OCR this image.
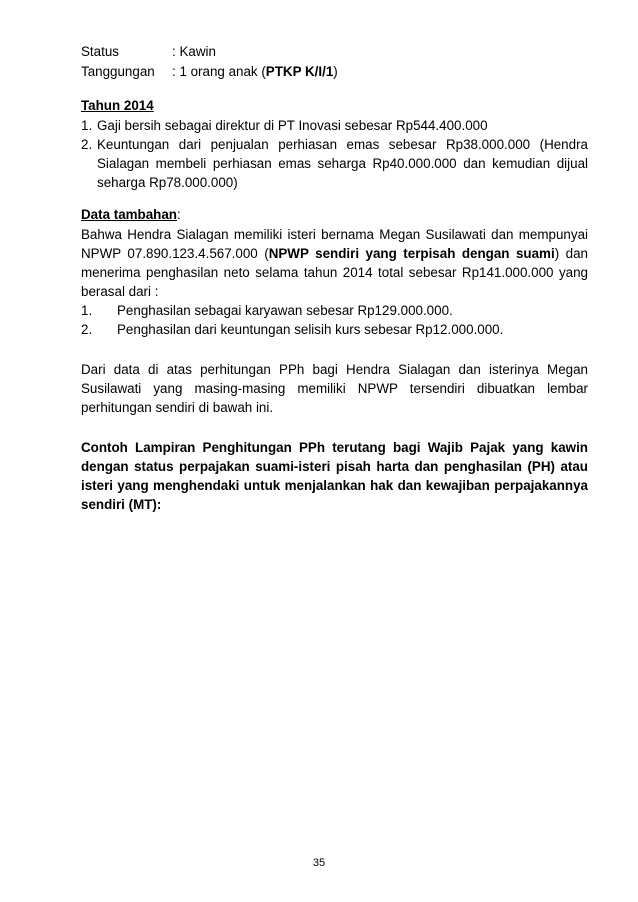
Status	: Kawin
Tanggungan	: 1 orang anak (PTKP K/I/1)
Tahun 2014
1. Gaji bersih sebagai direktur di PT Inovasi sebesar Rp544.400.000
2. Keuntungan dari penjualan perhiasan emas sebesar Rp38.000.000 (Hendra Sialagan membeli perhiasan emas seharga Rp40.000.000 dan kemudian dijual seharga Rp78.000.000)
Data tambahan:
Bahwa Hendra Sialagan memiliki isteri bernama Megan Susilawati dan mempunyai NPWP 07.890.123.4.567.000 (NPWP sendiri yang terpisah dengan suami) dan menerima penghasilan neto selama tahun 2014 total sebesar Rp141.000.000 yang berasal dari :
1.	Penghasilan sebagai karyawan sebesar Rp129.000.000.
2.	Penghasilan dari keuntungan selisih kurs sebesar Rp12.000.000.
Dari data di atas perhitungan PPh bagi Hendra Sialagan dan isterinya Megan Susilawati yang masing-masing memiliki NPWP tersendiri dibuatkan lembar perhitungan sendiri di bawah ini.
Contoh Lampiran Penghitungan PPh terutang bagi Wajib Pajak yang kawin dengan status perpajakan suami-isteri pisah harta dan penghasilan (PH) atau isteri yang menghendaki untuk menjalankan hak dan kewajiban perpajakannya sendiri (MT):
35
